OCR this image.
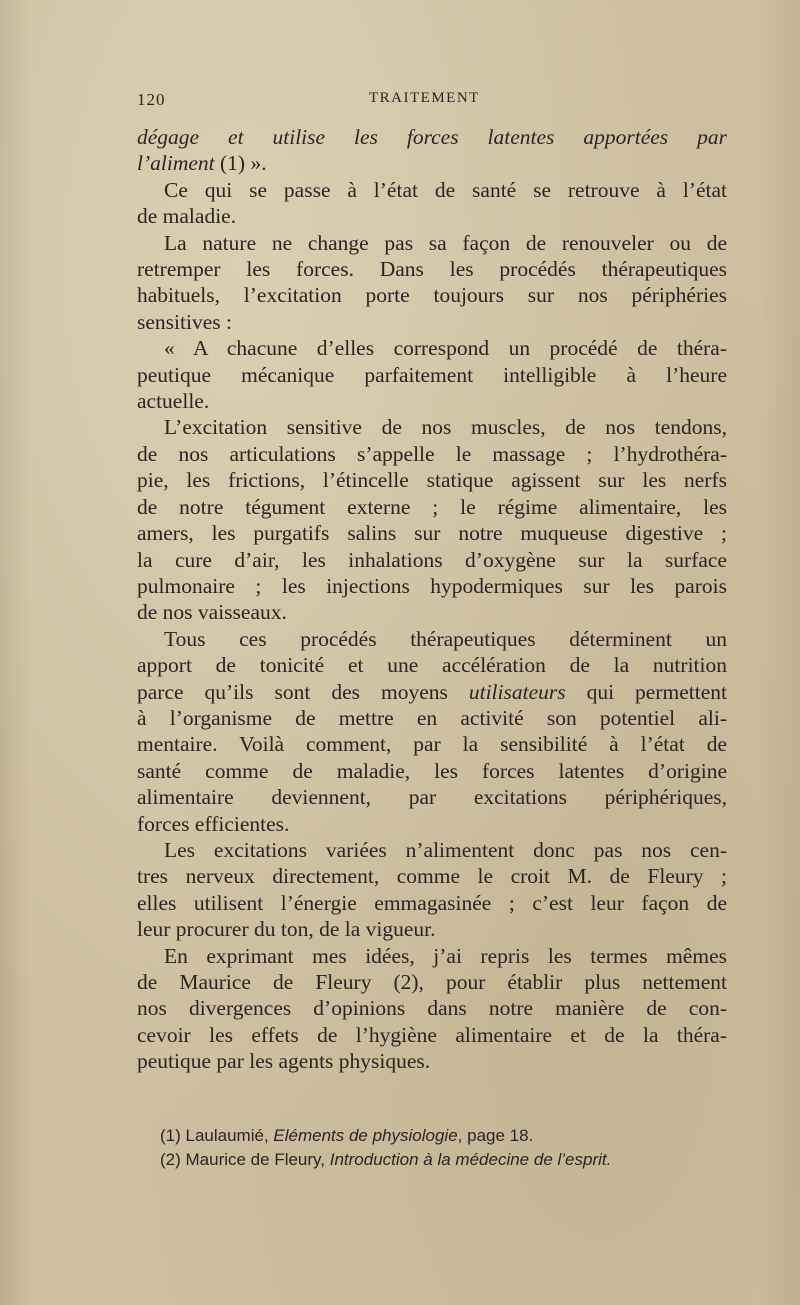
120	TRAITEMENT
dégage et utilise les forces latentes apportées par
l’aliment (1) ».
Ce qui se passe à l’état de santé se retrouve à l’état
de maladie.
La nature ne change pas sa façon de renouveler ou de
retremper les forces. Dans les procédés thérapeutiques
habituels, l’excitation porte toujours sur nos périphéries
sensitives :
« A chacune d’elles correspond un procédé de théra-
peutique mécanique parfaitement intelligible à l’heure
actuelle.
L’excitation sensitive de nos muscles, de nos tendons,
de nos articulations s’appelle le massage ; l’hydrothéra-
pie, les frictions, l’étincelle statique agissent sur les nerfs
de notre tégument externe ; le régime alimentaire, les
amers, les purgatifs salins sur notre muqueuse digestive ;
la cure d’air, les inhalations d’oxygène sur la surface
pulmonaire ; les injections hypodermiques sur les parois
de nos vaisseaux.
Tous ces procédés thérapeutiques déterminent un
apport de tonicité et une accélération de la nutrition
parce qu’ils sont des moyens utilisateurs qui permettent
à l’organisme de mettre en activité son potentiel ali-
mentaire. Voilà comment, par la sensibilité à l’état de
santé comme de maladie, les forces latentes d’origine
alimentaire deviennent, par excitations périphériques,
forces efficientes.
Les excitations variées n’alimentent donc pas nos cen-
tres nerveux directement, comme le croit M. de Fleury ;
elles utilisent l’énergie emmagasinée ; c’est leur façon de
leur procurer du ton, de la vigueur.
En exprimant mes idées, j’ai repris les termes mêmes
de Maurice de Fleury (2), pour établir plus nettement
nos divergences d’opinions dans notre manière de con-
cevoir les effets de l’hygiène alimentaire et de la théra-
peutique par les agents physiques.
(1) Laulaumié, Eléments de physiologie, page 18.
(2) Maurice de Fleury, Introduction à la médecine de l’esprit.
